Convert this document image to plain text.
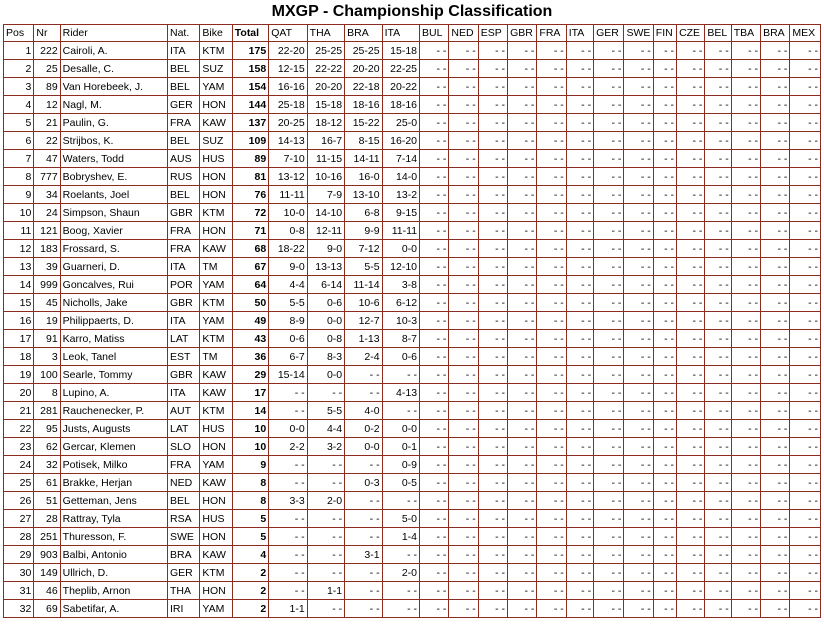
MXGP - Championship Classification
Pos	Nr	Rider	Nat.	Bike	Total	QAT	THA	BRA	ITA	BUL	NED	ESP	GBR	FRA	ITA	GER	SWE	FIN	CZE	BEL	TBA	BRA	MEX
1	222	Cairoli, A.	ITA	KTM	175	22-20	25-25	25-25	15-18	- -	- -	- -	- -	- -	- -	- -	- -	- -	- -	- -	- -	- -	- -
2	25	Desalle, C.	BEL	SUZ	158	12-15	22-22	20-20	22-25	- -	- -	- -	- -	- -	- -	- -	- -	- -	- -	- -	- -	- -	- -
3	89	Van Horebeek, J.	BEL	YAM	154	16-16	20-20	22-18	20-22	- -	- -	- -	- -	- -	- -	- -	- -	- -	- -	- -	- -	- -	- -
4	12	Nagl, M.	GER	HON	144	25-18	15-18	18-16	18-16	- -	- -	- -	- -	- -	- -	- -	- -	- -	- -	- -	- -	- -	- -
5	21	Paulin, G.	FRA	KAW	137	20-25	18-12	15-22	25-0	- -	- -	- -	- -	- -	- -	- -	- -	- -	- -	- -	- -	- -	- -
6	22	Strijbos, K.	BEL	SUZ	109	14-13	16-7	8-15	16-20	- -	- -	- -	- -	- -	- -	- -	- -	- -	- -	- -	- -	- -	- -
7	47	Waters, Todd	AUS	HUS	89	7-10	11-15	14-11	7-14	- -	- -	- -	- -	- -	- -	- -	- -	- -	- -	- -	- -	- -	- -
8	777	Bobryshev, E.	RUS	HON	81	13-12	10-16	16-0	14-0	- -	- -	- -	- -	- -	- -	- -	- -	- -	- -	- -	- -	- -	- -
9	34	Roelants, Joel	BEL	HON	76	11-11	7-9	13-10	13-2	- -	- -	- -	- -	- -	- -	- -	- -	- -	- -	- -	- -	- -	- -
10	24	Simpson, Shaun	GBR	KTM	72	10-0	14-10	6-8	9-15	- -	- -	- -	- -	- -	- -	- -	- -	- -	- -	- -	- -	- -	- -
11	121	Boog, Xavier	FRA	HON	71	0-8	12-11	9-9	11-11	- -	- -	- -	- -	- -	- -	- -	- -	- -	- -	- -	- -	- -	- -
12	183	Frossard, S.	FRA	KAW	68	18-22	9-0	7-12	0-0	- -	- -	- -	- -	- -	- -	- -	- -	- -	- -	- -	- -	- -	- -
13	39	Guarneri, D.	ITA	TM	67	9-0	13-13	5-5	12-10	- -	- -	- -	- -	- -	- -	- -	- -	- -	- -	- -	- -	- -	- -
14	999	Goncalves, Rui	POR	YAM	64	4-4	6-14	11-14	3-8	- -	- -	- -	- -	- -	- -	- -	- -	- -	- -	- -	- -	- -	- -
15	45	Nicholls, Jake	GBR	KTM	50	5-5	0-6	10-6	6-12	- -	- -	- -	- -	- -	- -	- -	- -	- -	- -	- -	- -	- -	- -
16	19	Philippaerts, D.	ITA	YAM	49	8-9	0-0	12-7	10-3	- -	- -	- -	- -	- -	- -	- -	- -	- -	- -	- -	- -	- -	- -
17	91	Karro, Matiss	LAT	KTM	43	0-6	0-8	1-13	8-7	- -	- -	- -	- -	- -	- -	- -	- -	- -	- -	- -	- -	- -	- -
18	3	Leok, Tanel	EST	TM	36	6-7	8-3	2-4	0-6	- -	- -	- -	- -	- -	- -	- -	- -	- -	- -	- -	- -	- -	- -
19	100	Searle, Tommy	GBR	KAW	29	15-14	0-0	- -	- -	- -	- -	- -	- -	- -	- -	- -	- -	- -	- -	- -	- -	- -	- -
20	8	Lupino, A.	ITA	KAW	17	- -	- -	- -	4-13	- -	- -	- -	- -	- -	- -	- -	- -	- -	- -	- -	- -	- -	- -
21	281	Rauchenecker, P.	AUT	KTM	14	- -	5-5	4-0	- -	- -	- -	- -	- -	- -	- -	- -	- -	- -	- -	- -	- -	- -	- -
22	95	Justs, Augusts	LAT	HUS	10	0-0	4-4	0-2	0-0	- -	- -	- -	- -	- -	- -	- -	- -	- -	- -	- -	- -	- -	- -
23	62	Gercar, Klemen	SLO	HON	10	2-2	3-2	0-0	0-1	- -	- -	- -	- -	- -	- -	- -	- -	- -	- -	- -	- -	- -	- -
24	32	Potisek, Milko	FRA	YAM	9	- -	- -	- -	0-9	- -	- -	- -	- -	- -	- -	- -	- -	- -	- -	- -	- -	- -	- -
25	61	Brakke, Herjan	NED	KAW	8	- -	- -	0-3	0-5	- -	- -	- -	- -	- -	- -	- -	- -	- -	- -	- -	- -	- -	- -
26	51	Getteman, Jens	BEL	HON	8	3-3	2-0	- -	- -	- -	- -	- -	- -	- -	- -	- -	- -	- -	- -	- -	- -	- -	- -
27	28	Rattray, Tyla	RSA	HUS	5	- -	- -	- -	5-0	- -	- -	- -	- -	- -	- -	- -	- -	- -	- -	- -	- -	- -	- -
28	251	Thuresson, F.	SWE	HON	5	- -	- -	- -	1-4	- -	- -	- -	- -	- -	- -	- -	- -	- -	- -	- -	- -	- -	- -
29	903	Balbi, Antonio	BRA	KAW	4	- -	- -	3-1	- -	- -	- -	- -	- -	- -	- -	- -	- -	- -	- -	- -	- -	- -	- -
30	149	Ullrich, D.	GER	KTM	2	- -	- -	- -	2-0	- -	- -	- -	- -	- -	- -	- -	- -	- -	- -	- -	- -	- -	- -
31	46	Theplib, Arnon	THA	HON	2	- -	1-1	- -	- -	- -	- -	- -	- -	- -	- -	- -	- -	- -	- -	- -	- -	- -	- -
32	69	Sabetifar, A.	IRI	YAM	2	1-1	- -	- -	- -	- -	- -	- -	- -	- -	- -	- -	- -	- -	- -	- -	- -	- -	- -
